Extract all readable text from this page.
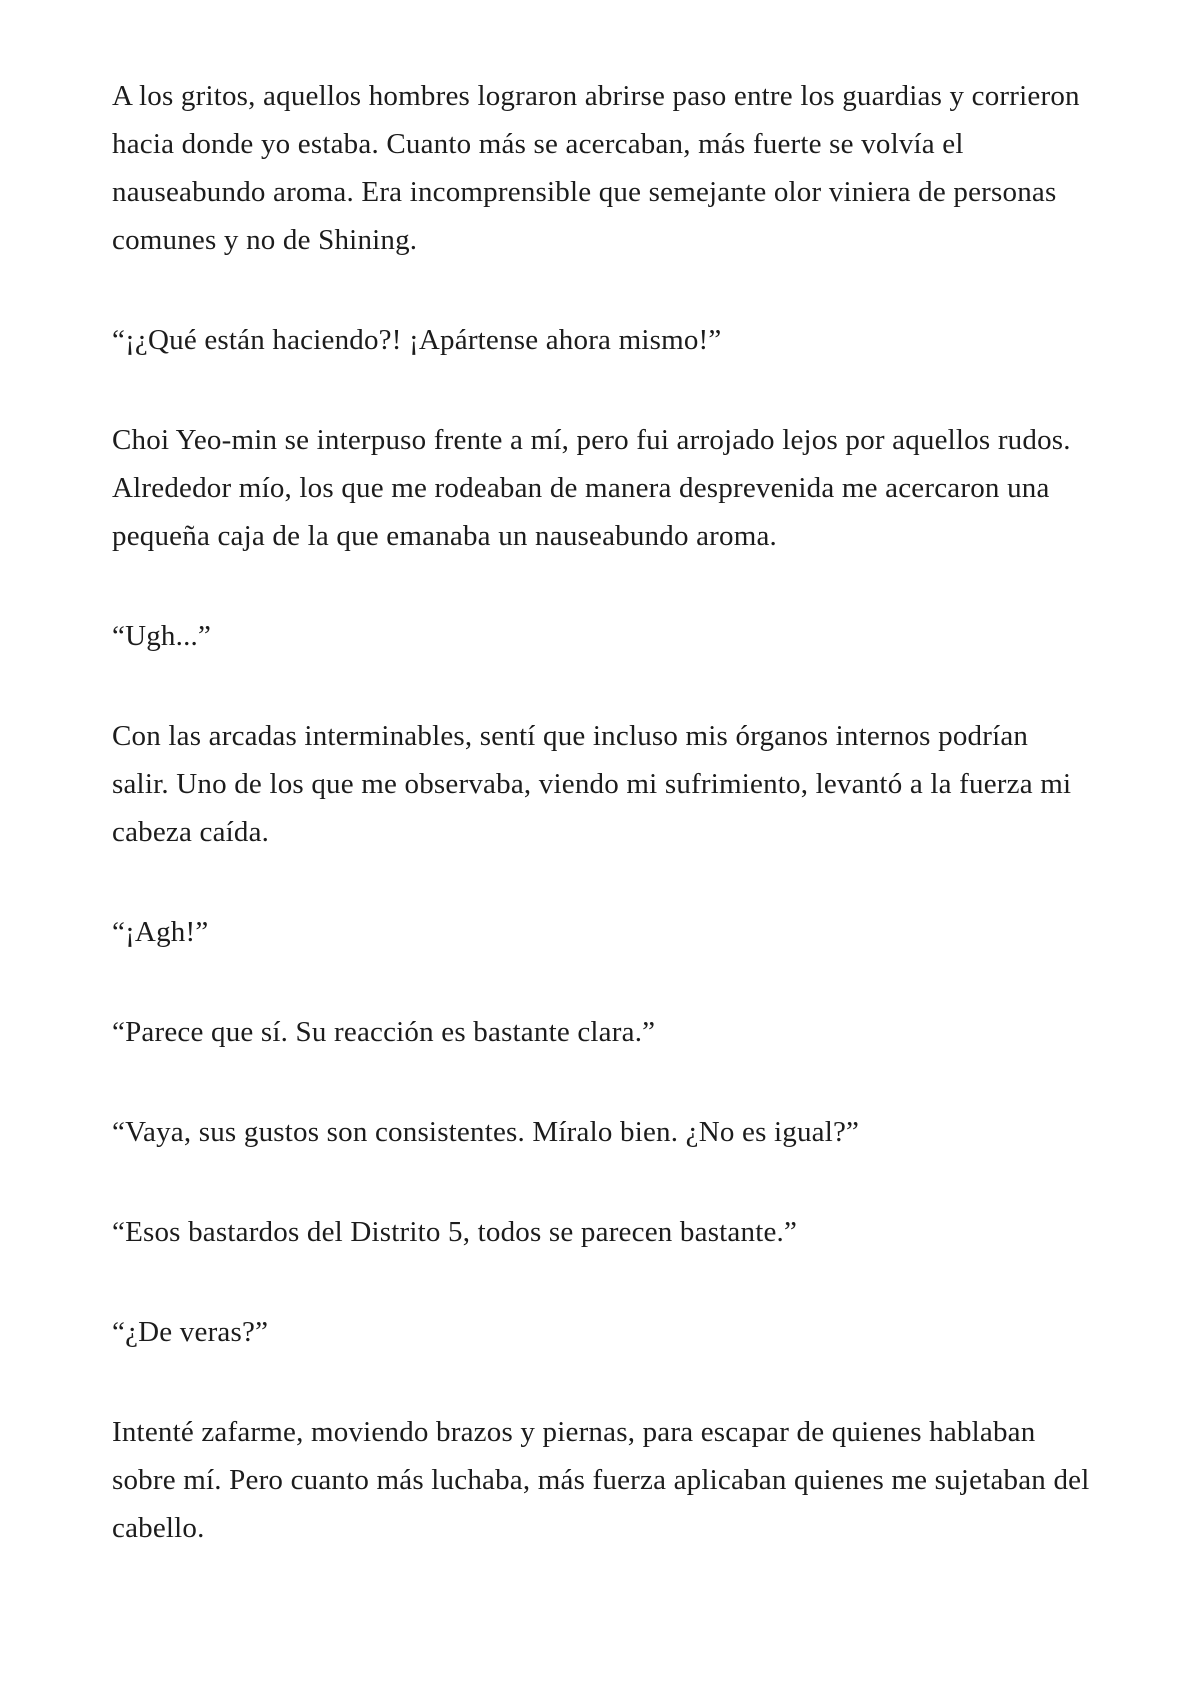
A los gritos, aquellos hombres lograron abrirse paso entre los guardias y corrieron hacia donde yo estaba. Cuanto más se acercaban, más fuerte se volvía el nauseabundo aroma. Era incomprensible que semejante olor viniera de personas comunes y no de Shining.

“¡¿Qué están haciendo?! ¡Apártense ahora mismo!”

Choi Yeo-min se interpuso frente a mí, pero fui arrojado lejos por aquellos rudos. Alrededor mío, los que me rodeaban de manera desprevenida me acercaron una pequeña caja de la que emanaba un nauseabundo aroma.

“Ugh...”

Con las arcadas interminables, sentí que incluso mis órganos internos podrían salir. Uno de los que me observaba, viendo mi sufrimiento, levantó a la fuerza mi cabeza caída.

“¡Agh!”

“Parece que sí. Su reacción es bastante clara.”

“Vaya, sus gustos son consistentes. Míralo bien. ¿No es igual?”

“Esos bastardos del Distrito 5, todos se parecen bastante.”

“¿De veras?”

Intenté zafarme, moviendo brazos y piernas, para escapar de quienes hablaban sobre mí. Pero cuanto más luchaba, más fuerza aplicaban quienes me sujetaban del cabello.
